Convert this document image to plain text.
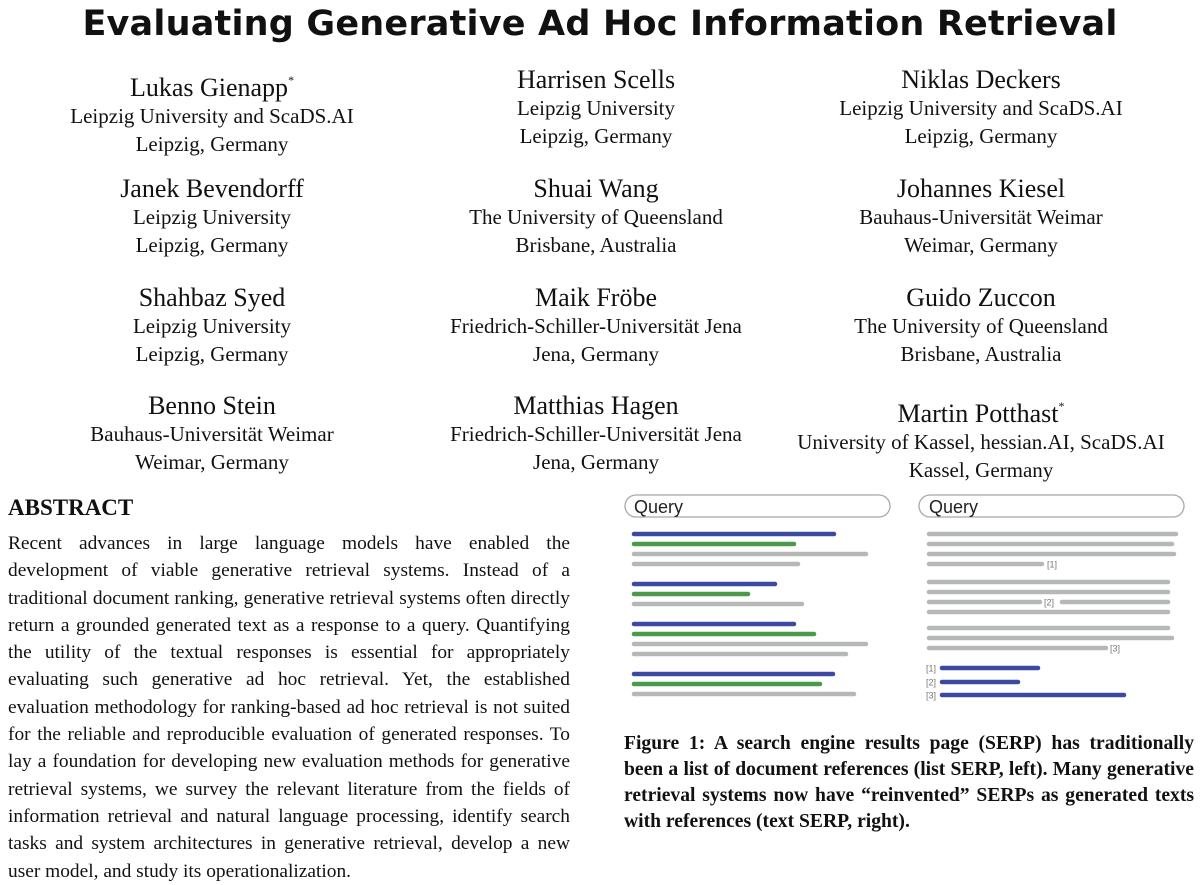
Evaluating Generative Ad Hoc Information Retrieval
Lukas Gienapp*
Leipzig University and ScaDS.AI
Leipzig, Germany
Harrisen Scells
Leipzig University
Leipzig, Germany
Niklas Deckers
Leipzig University and ScaDS.AI
Leipzig, Germany
Janek Bevendorff
Leipzig University
Leipzig, Germany
Shuai Wang
The University of Queensland
Brisbane, Australia
Johannes Kiesel
Bauhaus-Universität Weimar
Weimar, Germany
Shahbaz Syed
Leipzig University
Leipzig, Germany
Maik Fröbe
Friedrich-Schiller-Universität Jena
Jena, Germany
Guido Zuccon
The University of Queensland
Brisbane, Australia
Benno Stein
Bauhaus-Universität Weimar
Weimar, Germany
Matthias Hagen
Friedrich-Schiller-Universität Jena
Jena, Germany
Martin Potthast*
University of Kassel, hessian.AI, ScaDS.AI
Kassel, Germany
ABSTRACT

Recent advances in large language models have enabled the development of viable generative retrieval systems. Instead of a traditional document ranking, generative retrieval systems often directly return a grounded generated text as a response to a query. Quantifying the utility of the textual responses is essential for appropriately evaluating such generative ad hoc retrieval. Yet, the established evaluation methodology for ranking-based ad hoc retrieval is not suited for the reliable and reproducible evaluation of generated responses. To lay a foundation for developing new evaluation methods for generative retrieval systems, we survey the relevant literature from the fields of information retrieval and natural language processing, identify search tasks and system architectures in generative retrieval, develop a new user model, and study its operationalization.

Query	Query
[1]
[2]
[3]
[1]
[2]
[3]

Figure 1: A search engine results page (SERP) has traditionally been a list of document references (list SERP, left). Many generative retrieval systems now have “reinvented” SERPs as generated texts with references (text SERP, right).
